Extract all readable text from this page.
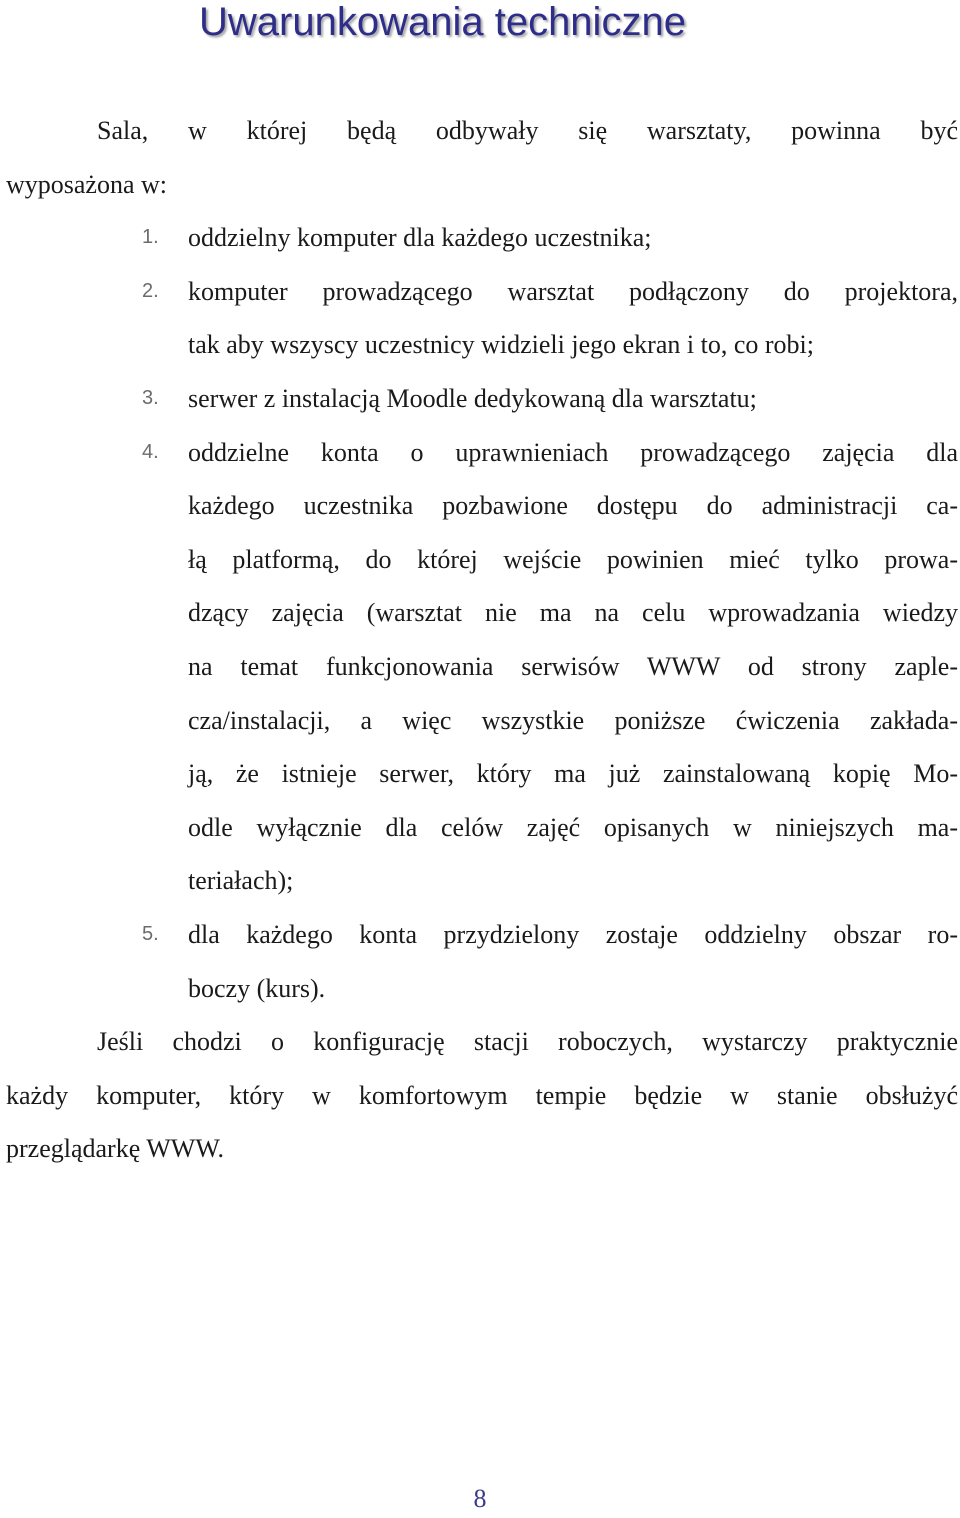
Uwarunkowania techniczne

Sala, w której będą odbywały się warsztaty, powinna być
wyposażona w:

1. oddzielny komputer dla każdego uczestnika;
2. komputer prowadzącego warsztat podłączony do projektora,
tak aby wszyscy uczestnicy widzieli jego ekran i to, co robi;
3. serwer z instalacją Moodle dedykowaną dla warsztatu;
4. oddzielne konta o uprawnieniach prowadzącego zajęcia dla
każdego uczestnika pozbawione dostępu do administracji ca-
łą platformą, do której wejście powinien mieć tylko prowa-
dzący zajęcia (warsztat nie ma na celu wprowadzania wiedzy
na temat funkcjonowania serwisów WWW od strony zaple-
cza/instalacji, a więc wszystkie poniższe ćwiczenia zakłada-
ją, że istnieje serwer, który ma już zainstalowaną kopię Mo-
odle wyłącznie dla celów zajęć opisanych w niniejszych ma-
teriałach);
5. dla każdego konta przydzielony zostaje oddzielny obszar ro-
boczy (kurs).

Jeśli chodzi o konfigurację stacji roboczych, wystarczy praktycznie
każdy komputer, który w komfortowym tempie będzie w stanie obsłużyć
przeglądarkę WWW.

8
